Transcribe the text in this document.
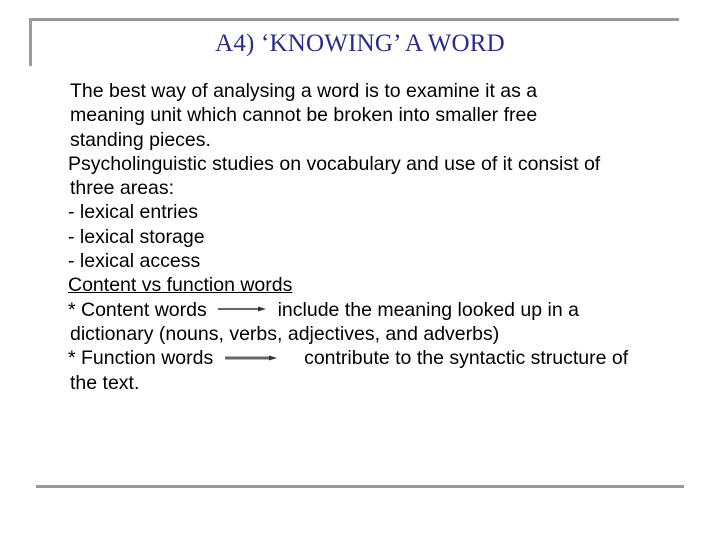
A4) ‘KNOWING’ A WORD
The best way of analysing a word is to examine it as a
meaning unit which cannot be broken into smaller free
standing pieces.
Psycholinguistic studies on vocabulary and use of it consist of
three areas:
- lexical entries
- lexical storage
- lexical access
Content vs function words
* Content words	include the meaning looked up in a
dictionary (nouns, verbs, adjectives, and adverbs)
* Function words	contribute to the syntactic structure of
the text.
